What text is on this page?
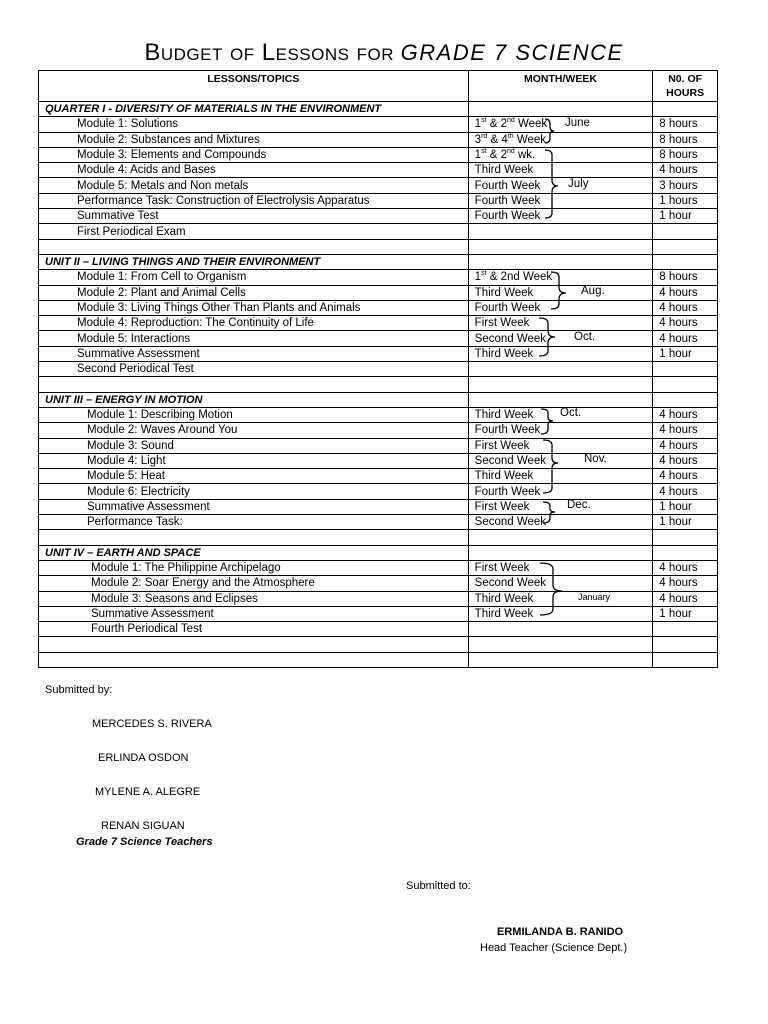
Budget of Lessons for GRADE 7 SCIENCE
LESSONS/TOPICS	MONTH/WEEK	N0. OF
HOURS
QUARTER I - DIVERSITY OF MATERIALS IN THE ENVIRONMENT		
Module 1: Solutions	1st & 2nd Week	8 hours
Module 2: Substances and Mixtures	3rd & 4th Week	8 hours
Module 3: Elements and Compounds	1st & 2nd wk.	8 hours
Module 4: Acids and Bases	Third Week	4 hours
Module 5: Metals and Non metals	Fourth Week	3 hours
Performance Task: Construction of Electrolysis Apparatus	Fourth Week	1 hours
Summative Test	Fourth Week	1 hour
First Periodical Exam		

UNIT II – LIVING THINGS AND THEIR ENVIRONMENT		
Module 1: From Cell to Organism	1st & 2nd Week	8 hours
Module 2: Plant and Animal Cells	Third Week	4 hours
Module 3: Living Things Other Than Plants and Animals	Fourth Week	4 hours
Module 4: Reproduction: The Continuity of Life	First Week	4 hours
Module 5: Interactions	Second Week	4 hours
Summative Assessment	Third Week	1 hour
Second Periodical Test		

UNIT III – ENERGY IN MOTION		
Module 1: Describing Motion	Third Week	4 hours
Module 2: Waves Around You	Fourth Week	4 hours
Module 3: Sound	First Week	4 hours
Module 4: Light	Second Week	4 hours
Module 5: Heat	Third Week	4 hours
Module 6: Electricity	Fourth Week	4 hours
Summative Assessment	First Week	1 hour
Performance Task:	Second Week	1 hour

UNIT IV – EARTH AND SPACE		
Module 1: The Philippine Archipelago	First Week	4 hours
Module 2: Soar Energy and the Atmosphere	Second Week	4 hours
Module 3: Seasons and Eclipses	Third Week	4 hours
Summative Assessment	Third Week	1 hour
Fourth Periodical Test		

June
July
Aug.
Oct.
Oct.
Nov.
Dec.
January
Submitted by:
MERCEDES S. RIVERA
ERLINDA OSDON
MYLENE A. ALEGRE
RENAN SIGUAN
Grade 7 Science Teachers
Submitted to:
ERMILANDA B. RANIDO
Head Teacher (Science Dept.)
